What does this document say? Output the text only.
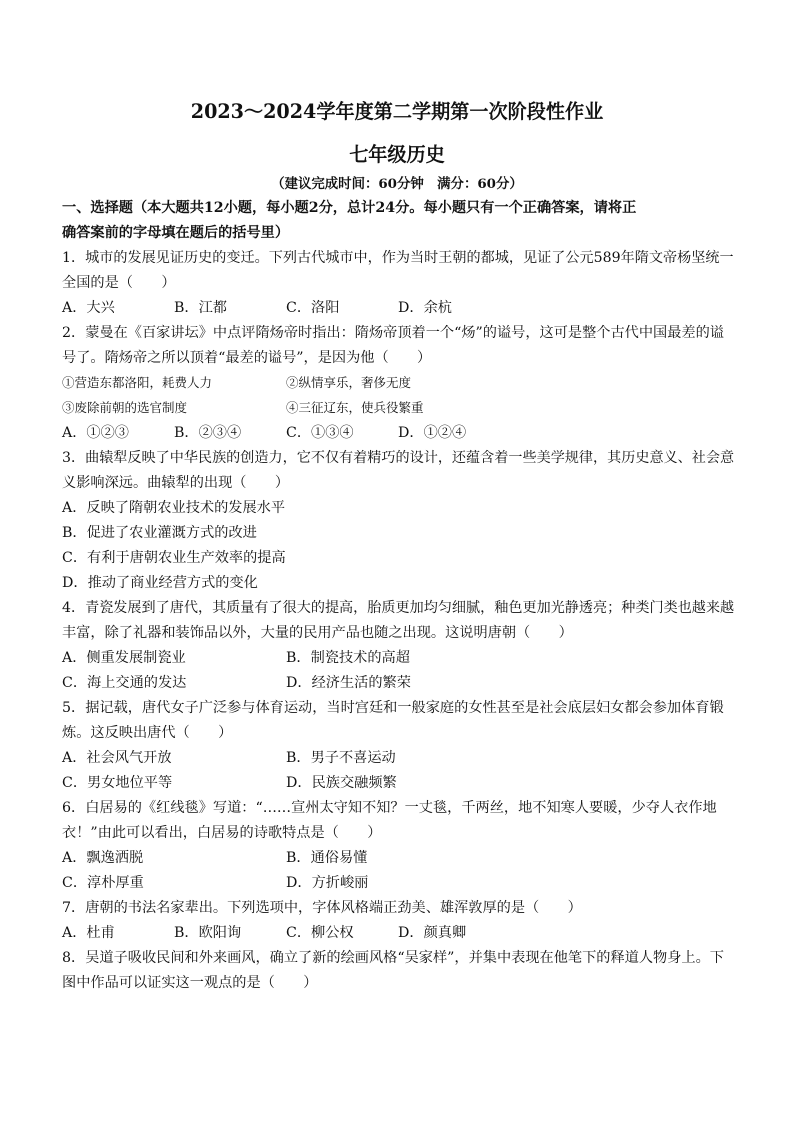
2023～2024学年度第二学期第一次阶段性作业
七年级历史
（建议完成时间：60分钟　满分：60分）
一、选择题（本大题共12小题，每小题2分，总计24分。每小题只有一个正确答案，请将正
确答案前的字母填在题后的括号里）
1．城市的发展见证历史的变迁。下列古代城市中，作为当时王朝的都城，见证了公元589年隋文帝杨坚统一
全国的是（　　）
A．大兴	B．江都	C．洛阳	D．余杭
2．蒙曼在《百家讲坛》中点评隋炀帝时指出：隋炀帝顶着一个“炀”的谥号，这可是整个古代中国最差的谥
号了。隋炀帝之所以顶着“最差的谥号”，是因为他（　　）
①营造东都洛阳，耗费人力	②纵情享乐，奢侈无度
③废除前朝的选官制度	④三征辽东，使兵役繁重
A．①②③	B．②③④	C．①③④	D．①②④
3．曲辕犁反映了中华民族的创造力，它不仅有着精巧的设计，还蕴含着一些美学规律，其历史意义、社会意
义影响深远。曲辕犁的出现（　　）
A．反映了隋朝农业技术的发展水平
B．促进了农业灌溉方式的改进
C．有利于唐朝农业生产效率的提高
D．推动了商业经营方式的变化
4．青瓷发展到了唐代，其质量有了很大的提高，胎质更加均匀细腻，釉色更加光静透亮；种类门类也越来越
丰富，除了礼器和装饰品以外，大量的民用产品也随之出现。这说明唐朝（　　）
A．侧重发展制瓷业	B．制瓷技术的高超
C．海上交通的发达	D．经济生活的繁荣
5．据记载，唐代女子广泛参与体育运动，当时宫廷和一般家庭的女性甚至是社会底层妇女都会参加体育锻
炼。这反映出唐代（　　）
A．社会风气开放	B．男子不喜运动
C．男女地位平等	D．民族交融频繁
6．白居易的《红线毯》写道：“……宣州太守知不知？一丈毯，千两丝，地不知寒人要暖，少夺人衣作地
衣！”由此可以看出，白居易的诗歌特点是（　　）
A．飘逸洒脱	B．通俗易懂
C．淳朴厚重	D．方折峻丽
7．唐朝的书法名家辈出。下列选项中，字体风格端正劲美、雄浑敦厚的是（　　）
A．杜甫	B．欧阳询	C．柳公权	D．颜真卿
8．吴道子吸收民间和外来画风，确立了新的绘画风格“吴家样”，并集中表现在他笔下的释道人物身上。下
图中作品可以证实这一观点的是（　　）
